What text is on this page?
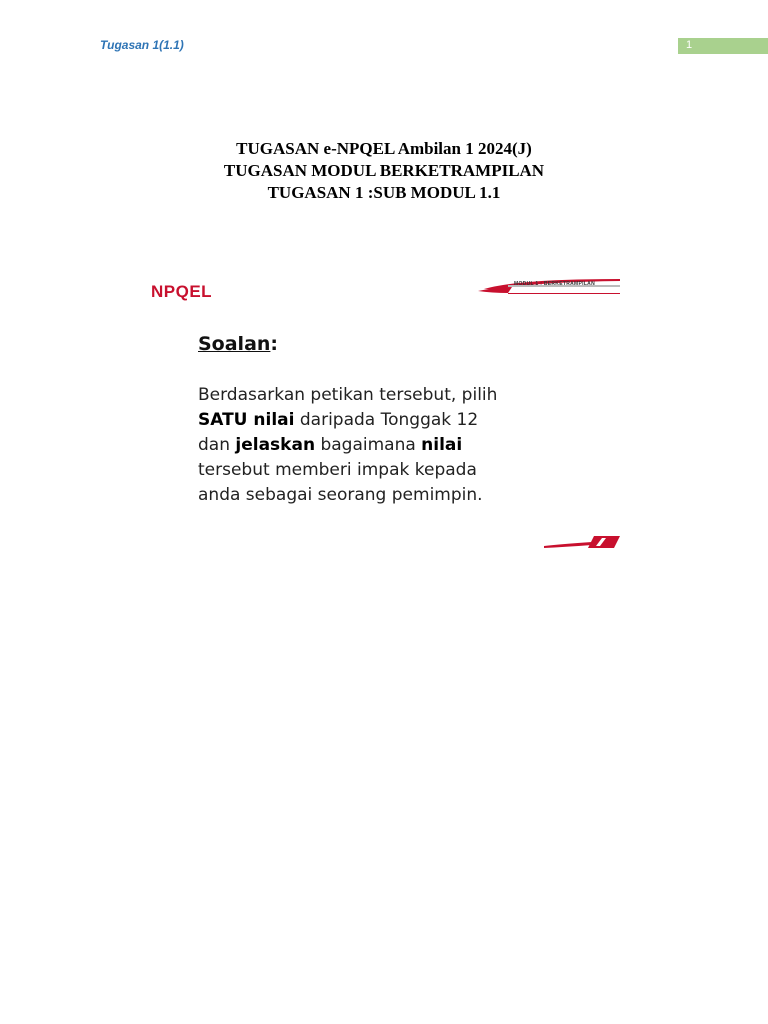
Tugasan 1(1.1)	1
TUGASAN e-NPQEL Ambilan 1 2024(J)
TUGASAN MODUL BERKETRAMPILAN
TUGASAN 1 :SUB MODUL 1.1
NPQEL	MODUL 1 : BERKETRAMPILAN
Soalan:
Berdasarkan petikan tersebut, pilih
SATU nilai daripada Tonggak 12
dan jelaskan bagaimana nilai
tersebut memberi impak kepada
anda sebagai seorang pemimpin.
